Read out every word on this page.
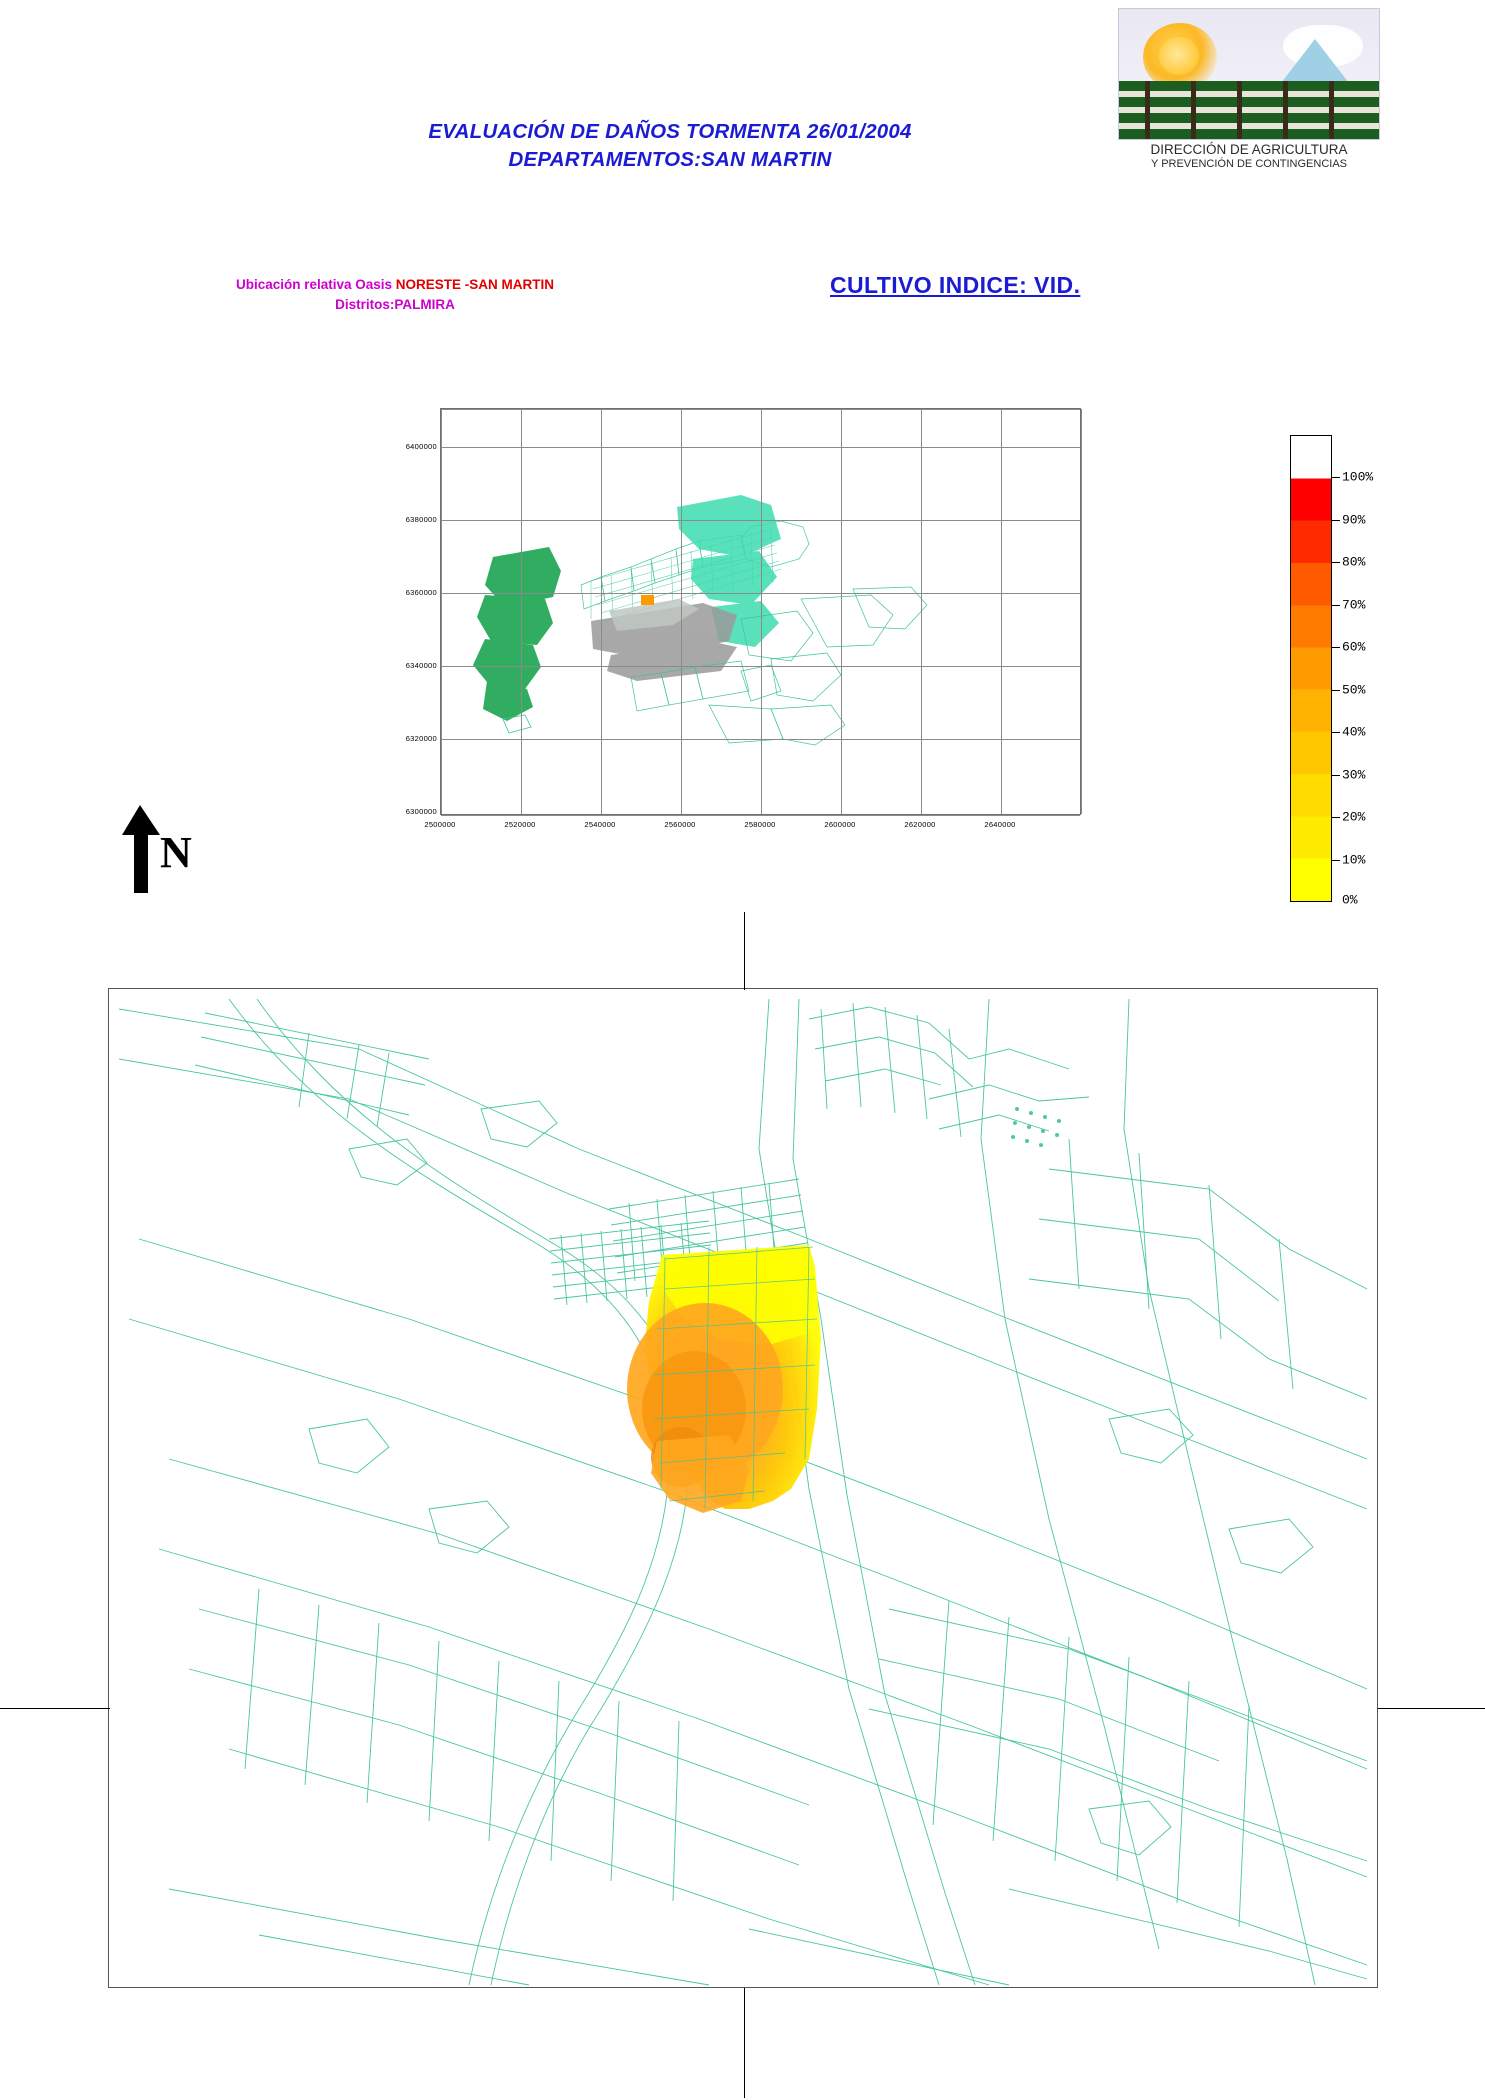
EVALUACIÓN DE DAÑOS TORMENTA 26/01/2004
DEPARTAMENTOS:SAN MARTIN	DIRECCIÓN DE AGRICULTURA
Y PREVENCIÓN DE CONTINGENCIAS
Ubicación relativa Oasis NORESTE -SAN MARTIN
Distritos:PALMIRA
CULTIVO INDICE: VID.
6400000
6380000
6360000
6340000
6320000
6300000
2500000	2520000	2540000	2560000	2580000	2600000	2620000	2640000
N
100%
90%
80%
70%
60%
50%
40%
30%
20%
10%
0%
